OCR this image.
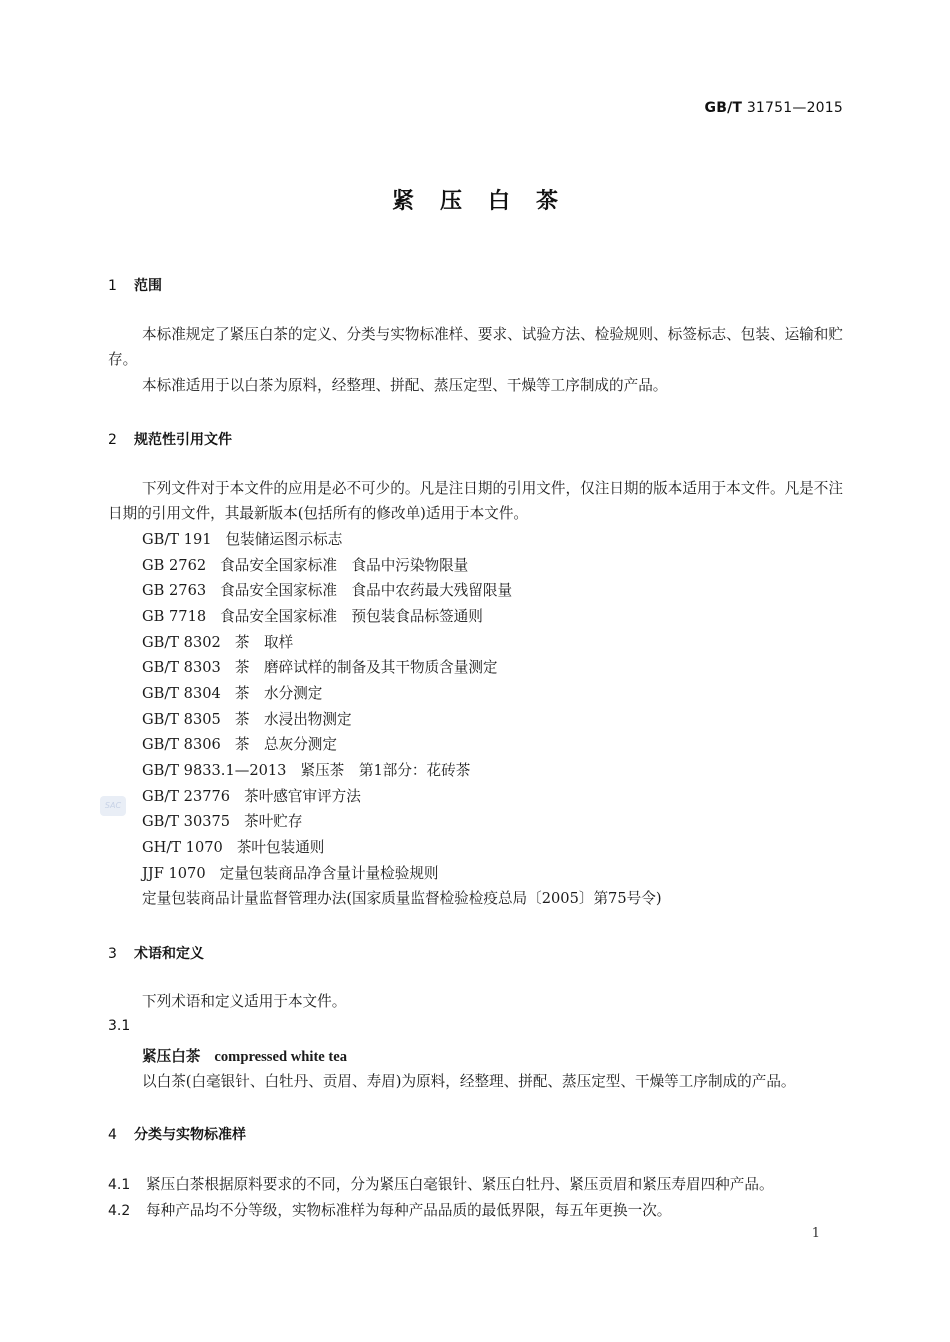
GB/T 31751—2015
紧压白茶
1 范围
本标准规定了紧压白茶的定义、分类与实物标准样、要求、试验方法、检验规则、标签标志、包装、运输和贮存。
本标准适用于以白茶为原料，经整理、拼配、蒸压定型、干燥等工序制成的产品。
2 规范性引用文件
下列文件对于本文件的应用是必不可少的。凡是注日期的引用文件，仅注日期的版本适用于本文件。凡是不注日期的引用文件，其最新版本(包括所有的修改单)适用于本文件。
GB/T 191 包装储运图示标志
GB 2762 食品安全国家标准　食品中污染物限量
GB 2763 食品安全国家标准　食品中农药最大残留限量
GB 7718 食品安全国家标准　预包装食品标签通则
GB/T 8302 茶　取样
GB/T 8303 茶　磨碎试样的制备及其干物质含量测定
GB/T 8304 茶　水分测定
GB/T 8305 茶　水浸出物测定
GB/T 8306 茶　总灰分测定
GB/T 9833.1—2013 紧压茶　第1部分：花砖茶
GB/T 23776 茶叶感官审评方法
GB/T 30375 茶叶贮存
GH/T 1070 茶叶包装通则
JJF 1070 定量包装商品净含量计量检验规则
定量包装商品计量监督管理办法(国家质量监督检验检疫总局〔2005〕第75号令)
SAC
3 术语和定义
下列术语和定义适用于本文件。
3.1
紧压白茶 compressed white tea
以白茶(白毫银针、白牡丹、贡眉、寿眉)为原料，经整理、拼配、蒸压定型、干燥等工序制成的产品。
4 分类与实物标准样
4.1 紧压白茶根据原料要求的不同，分为紧压白毫银针、紧压白牡丹、紧压贡眉和紧压寿眉四种产品。
4.2 每种产品均不分等级，实物标准样为每种产品品质的最低界限，每五年更换一次。
1
